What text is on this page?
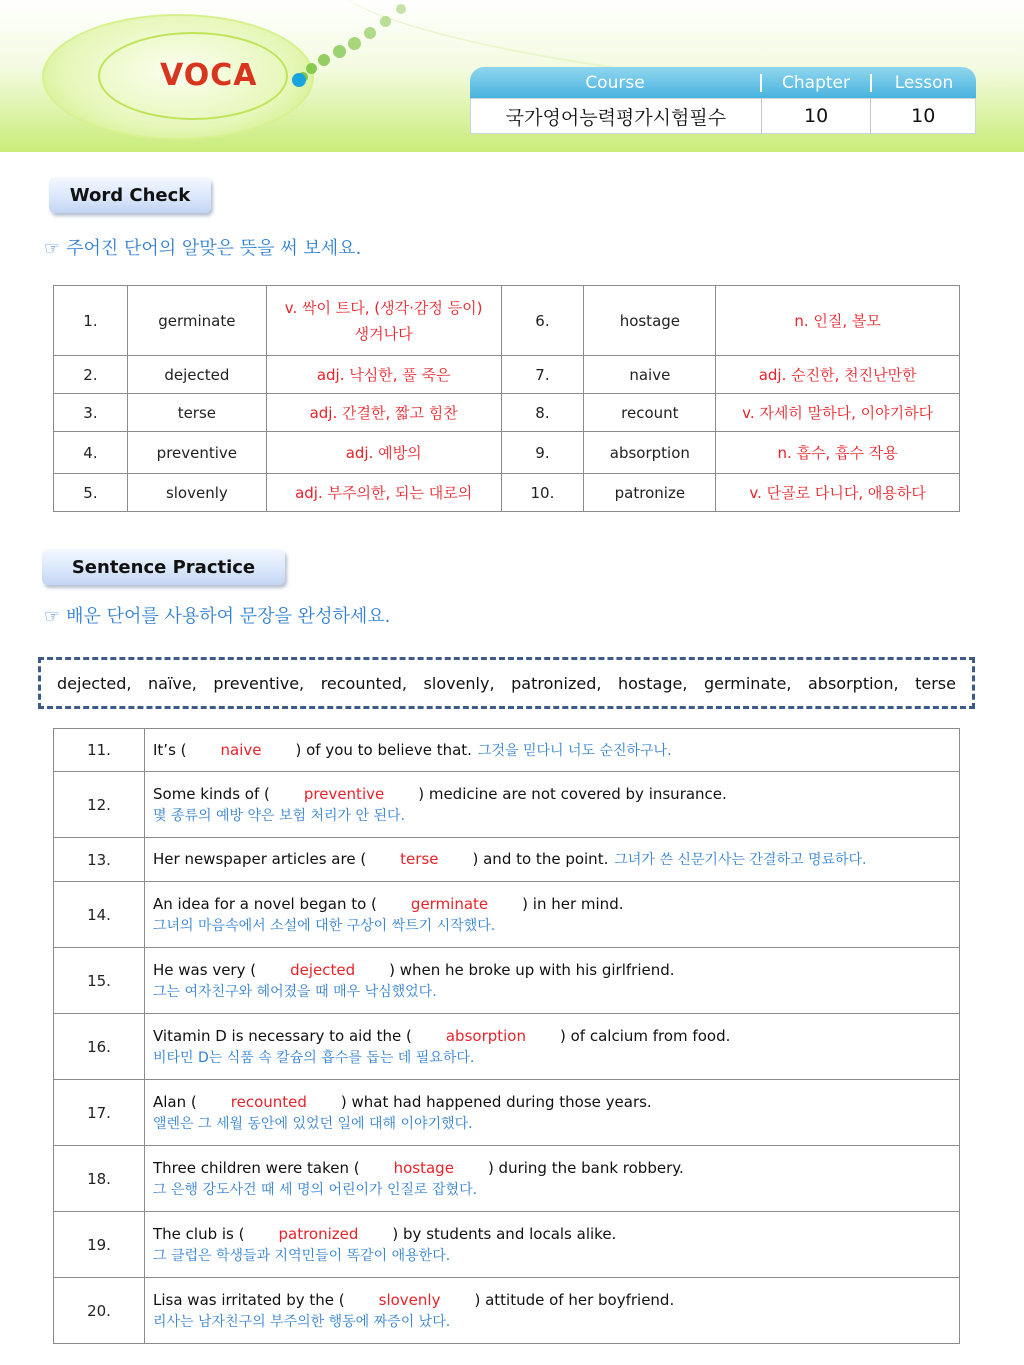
VOCA	Course	Chapter	Lesson
국가영어능력평가시험필수	10	10
Word Check
☞ 주어진 단어의 알맞은 뜻을 써 보세요.
1.	germinate	v. 싹이 트다, (생각·감정 등이) 생겨나다	6.	hostage	n. 인질, 볼모
2.	dejected	adj. 낙심한, 풀 죽은	7.	naive	adj. 순진한, 천진난만한
3.	terse	adj. 간결한, 짧고 힘찬	8.	recount	v. 자세히 말하다, 이야기하다
4.	preventive	adj. 예방의	9.	absorption	n. 흡수, 흡수 작용
5.	slovenly	adj. 부주의한, 되는 대로의	10.	patronize	v. 단골로 다니다, 애용하다
Sentence Practice
☞ 배운 단어를 사용하여 문장을 완성하세요.
dejected, naïve, preventive, recounted, slovenly, patronized, hostage, germinate, absorption, terse
11.	It’s ( naive ) of you to believe that. 그것을 믿다니 너도 순진하구나.

12.	Some kinds of ( preventive ) medicine are not covered by insurance.
몇 종류의 예방 약은 보험 처리가 안 된다.

13.	Her newspaper articles are ( terse ) and to the point. 그녀가 쓴 신문기사는 간결하고 명료하다.

14.	An idea for a novel began to ( germinate ) in her mind.
그녀의 마음속에서 소설에 대한 구상이 싹트기 시작했다.

15.	He was very ( dejected ) when he broke up with his girlfriend.
그는 여자친구와 헤어졌을 때 매우 낙심했었다.

16.	Vitamin D is necessary to aid the ( absorption ) of calcium from food.
비타민 D는 식품 속 칼슘의 흡수를 돕는 데 필요하다.

17.	Alan ( recounted ) what had happened during those years.
앨렌은 그 세월 동안에 있었던 일에 대해 이야기했다.

18.	Three children were taken ( hostage ) during the bank robbery.
그 은행 강도사건 때 세 명의 어린이가 인질로 잡혔다.

19.	The club is ( patronized ) by students and locals alike.
그 클럽은 학생들과 지역민들이 똑같이 애용한다.

20.	Lisa was irritated by the ( slovenly ) attitude of her boyfriend.
리사는 남자친구의 부주의한 행동에 짜증이 났다.
